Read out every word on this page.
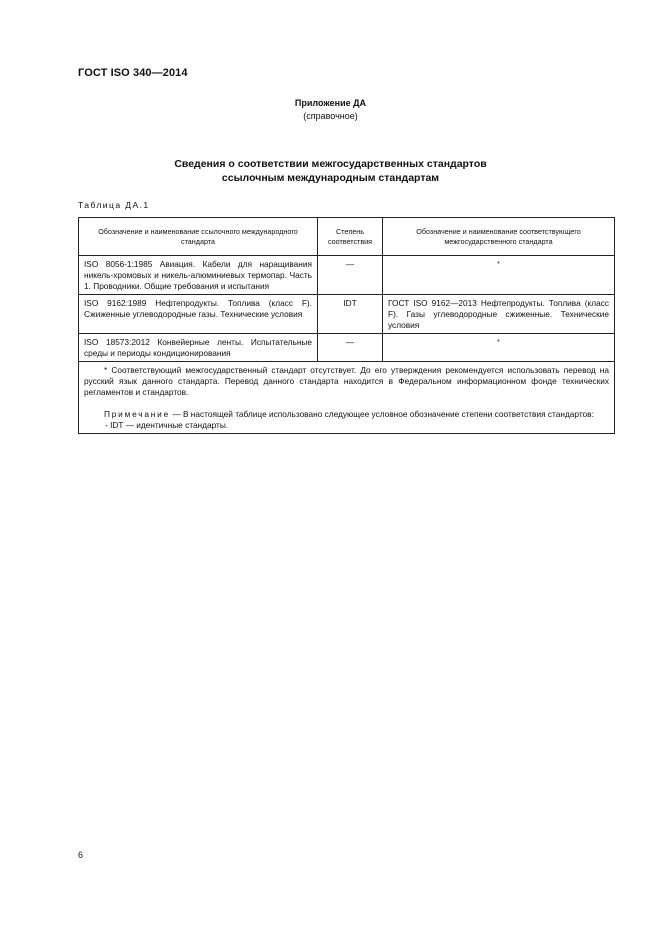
ГОСТ ISO 340—2014
Приложение ДА
(справочное)
Сведения о соответствии межгосударственных стандартов
ссылочным международным стандартам
Таблица ДА.1
Обозначение и наименование ссылочного международного стандарта	Степень соответствия	Обозначение и наименование соответствующего межгосударственного стандарта
ISO 8056-1:1985 Авиация. Кабели для наращивания никель-хромовых и никель-алюминиевых термопар. Часть 1. Проводники. Общие требования и испытания	—	*
ISO 9162:1989 Нефтепродукты. Топлива (класс F). Сжиженные углеводородные газы. Технические условия	IDT	ГОСТ ISO 9162—2013 Нефтепродукты. Топлива (класс F). Газы углеводородные сжиженные. Технические условия
ISO 18573:2012 Конвейерные ленты. Испытательные среды и периоды кондиционирования	—	*

* Соответствующий межгосударственный стандарт отсутствует. До его утверждения рекомендуется использовать перевод на русский язык данного стандарта. Перевод данного стандарта находится в Федеральном информационном фонде технических регламентов и стандартов.

Примечание — В настоящей таблице использовано следующее условное обозначение степени соответствия стандартов:

- IDT — идентичные стандарты.		

6
